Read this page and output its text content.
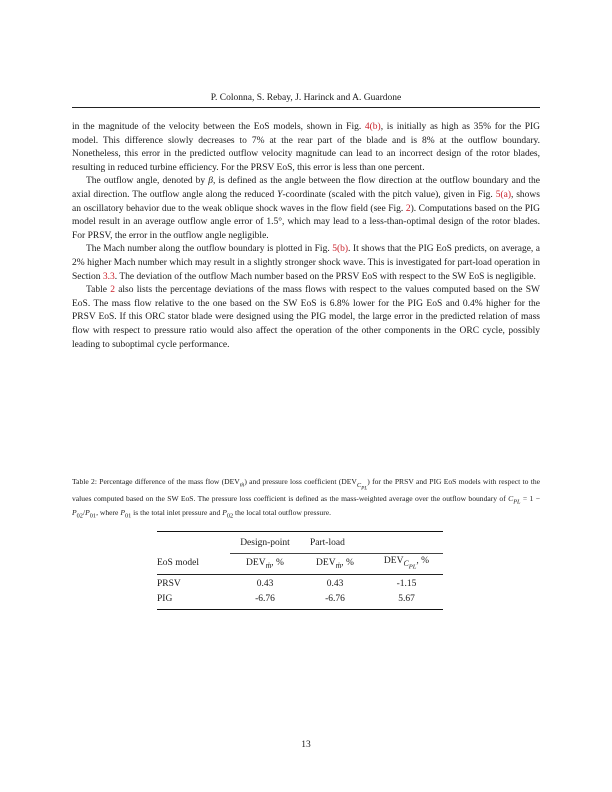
P. Colonna, S. Rebay, J. Harinck and A. Guardone

in the magnitude of the velocity between the EoS models, shown in Fig. 4(b), is initially as high as 35% for the PIG model. This difference slowly decreases to 7% at the rear part of the blade and is 8% at the outflow boundary. Nonetheless, this error in the predicted outflow velocity magnitude can lead to an incorrect design of the rotor blades, resulting in reduced turbine efficiency. For the PRSV EoS, this error is less than one percent.

The outflow angle, denoted by β, is defined as the angle between the flow direction at the outflow boundary and the axial direction. The outflow angle along the reduced Y-coordinate (scaled with the pitch value), given in Fig. 5(a), shows an oscillatory behavior due to the weak oblique shock waves in the flow field (see Fig. 2). Computations based on the PIG model result in an average outflow angle error of 1.5°, which may lead to a less-than-optimal design of the rotor blades. For PRSV, the error in the outflow angle negligible.

The Mach number along the outflow boundary is plotted in Fig. 5(b). It shows that the PIG EoS predicts, on average, a 2% higher Mach number which may result in a slightly stronger shock wave. This is investigated for part-load operation in Section 3.3. The deviation of the outflow Mach number based on the PRSV EoS with respect to the SW EoS is negligible.

Table 2 also lists the percentage deviations of the mass flows with respect to the values computed based on the SW EoS. The mass flow relative to the one based on the SW EoS is 6.8% lower for the PIG EoS and 0.4% higher for the PRSV EoS. If this ORC stator blade were designed using the PIG model, the large error in the predicted relation of mass flow with respect to pressure ratio would also affect the operation of the other components in the ORC cycle, possibly leading to suboptimal cycle performance.

Table 2: Percentage difference of the mass flow $(DEV_ṁ)$ and pressure loss coefficient $(DEV_{C_{PL}})$ for the PRSV and PIG EoS models with respect to the values computed based on the SW EoS. The pressure loss coefficient is defined as the mass-weighted average over the outflow boundary of $C_{PL} = 1 - P_{02}/P_{01}$, where $P_{01}$ is the total inlet pressure and $P_{02}$ the local total outflow pressure.
	Design-point	Part-load	
EoS model	$DEV_ṁ$, %	$DEV_ṁ$, %	$DEV_{C_{PL}}$, %
PRSV	0.43	0.43	-1.15
PIG	-6.76	-6.76	5.67
13
